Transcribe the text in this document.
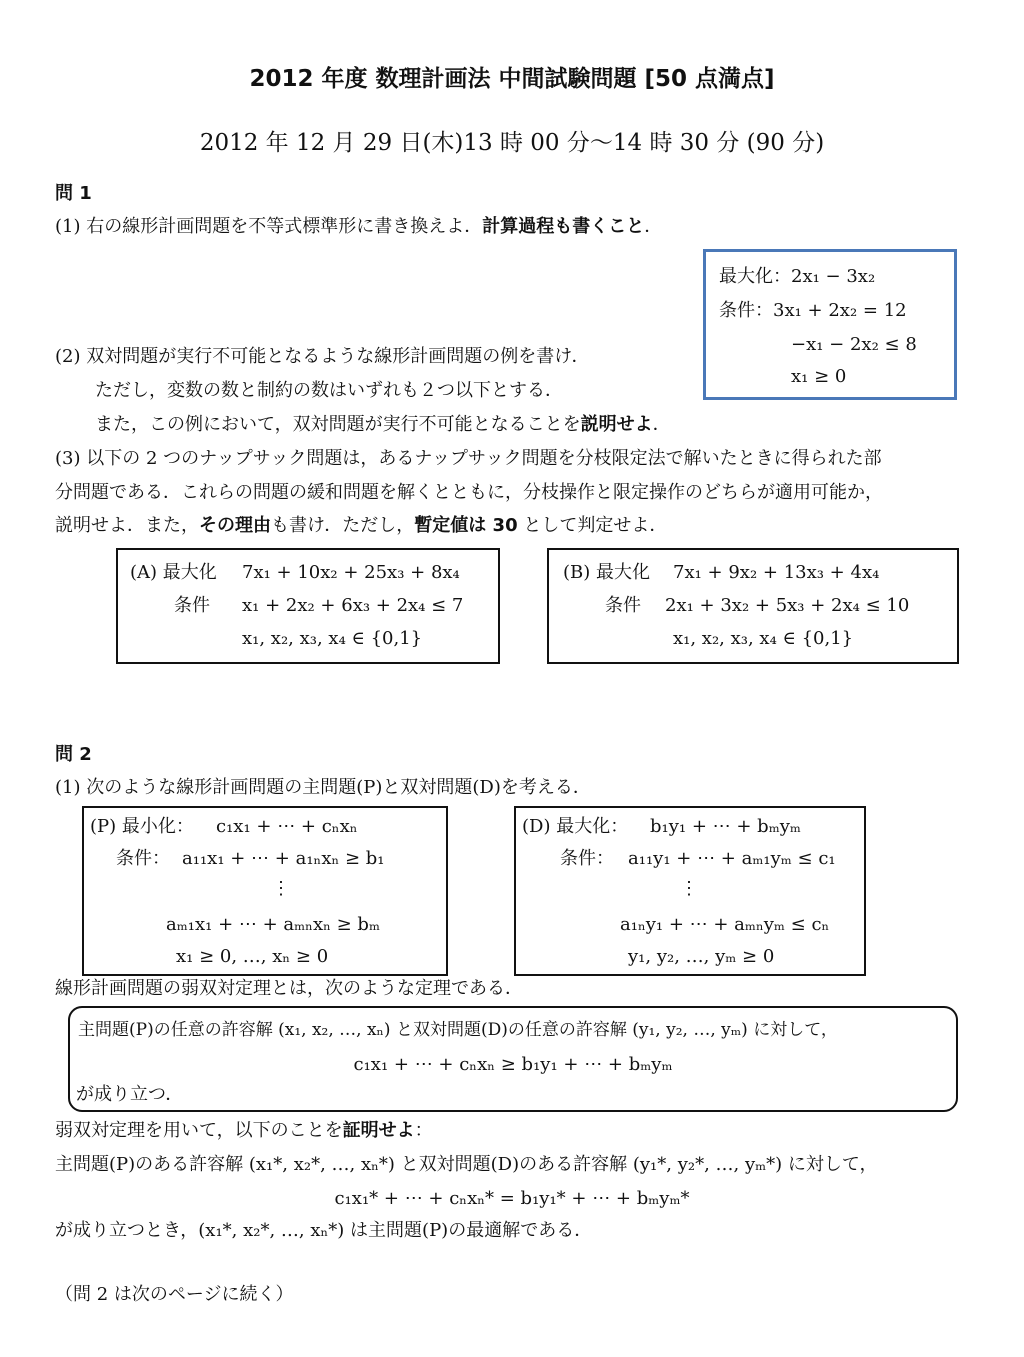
2012 年度 数理計画法 中間試験問題 [50 点満点]
2012 年 12 月 29 日(木)13 時 00 分～14 時 30 分 (90 分)
問 1
(1) 右の線形計画問題を不等式標準形に書き換えよ．計算過程も書くこと．
最大化：2x₁ − 3x₂
条件：3x₁ + 2x₂ = 12
−x₁ − 2x₂ ≤ 8
x₁ ≥ 0
(2) 双対問題が実行不可能となるような線形計画問題の例を書け．
ただし，変数の数と制約の数はいずれも２つ以下とする．
また，この例において，双対問題が実行不可能となることを説明せよ．
(3) 以下の 2 つのナップサック問題は，あるナップサック問題を分枝限定法で解いたときに得られた部
分問題である．これらの問題の緩和問題を解くとともに，分枝操作と限定操作のどちらが適用可能か，
説明せよ．また，その理由も書け．ただし，暫定値は 30 として判定せよ．
(A) 最大化 7x₁ + 10x₂ + 25x₃ + 8x₄
条件 x₁ + 2x₂ + 6x₃ + 2x₄ ≤ 7
x₁, x₂, x₃, x₄ ∈ {0,1}
(B) 最大化 7x₁ + 9x₂ + 13x₃ + 4x₄
条件 2x₁ + 3x₂ + 5x₃ + 2x₄ ≤ 10
x₁, x₂, x₃, x₄ ∈ {0,1}
問 2
(1) 次のような線形計画問題の主問題(P)と双対問題(D)を考える．
(P) 最小化： c₁x₁ + ⋯ + cₙxₙ
条件： a₁₁x₁ + ⋯ + a₁ₙxₙ ≥ b₁
⋮
aₘ₁x₁ + ⋯ + aₘₙxₙ ≥ bₘ
x₁ ≥ 0, …, xₙ ≥ 0
(D) 最大化： b₁y₁ + ⋯ + bₘyₘ
条件： a₁₁y₁ + ⋯ + aₘ₁yₘ ≤ c₁
⋮
a₁ₙy₁ + ⋯ + aₘₙyₘ ≤ cₙ
y₁, y₂, …, yₘ ≥ 0
線形計画問題の弱双対定理とは，次のような定理である．
主問題(P)の任意の許容解 (x₁, x₂, …, xₙ) と双対問題(D)の任意の許容解 (y₁, y₂, …, yₘ) に対して，
c₁x₁ + ⋯ + cₙxₙ ≥ b₁y₁ + ⋯ + bₘyₘ
が成り立つ．
弱双対定理を用いて，以下のことを証明せよ：
主問題(P)のある許容解 (x₁*, x₂*, …, xₙ*) と双対問題(D)のある許容解 (y₁*, y₂*, …, yₘ*) に対して，
c₁x₁* + ⋯ + cₙxₙ* = b₁y₁* + ⋯ + bₘyₘ*
が成り立つとき，(x₁*, x₂*, …, xₙ*) は主問題(P)の最適解である．
（問 2 は次のページに続く）
